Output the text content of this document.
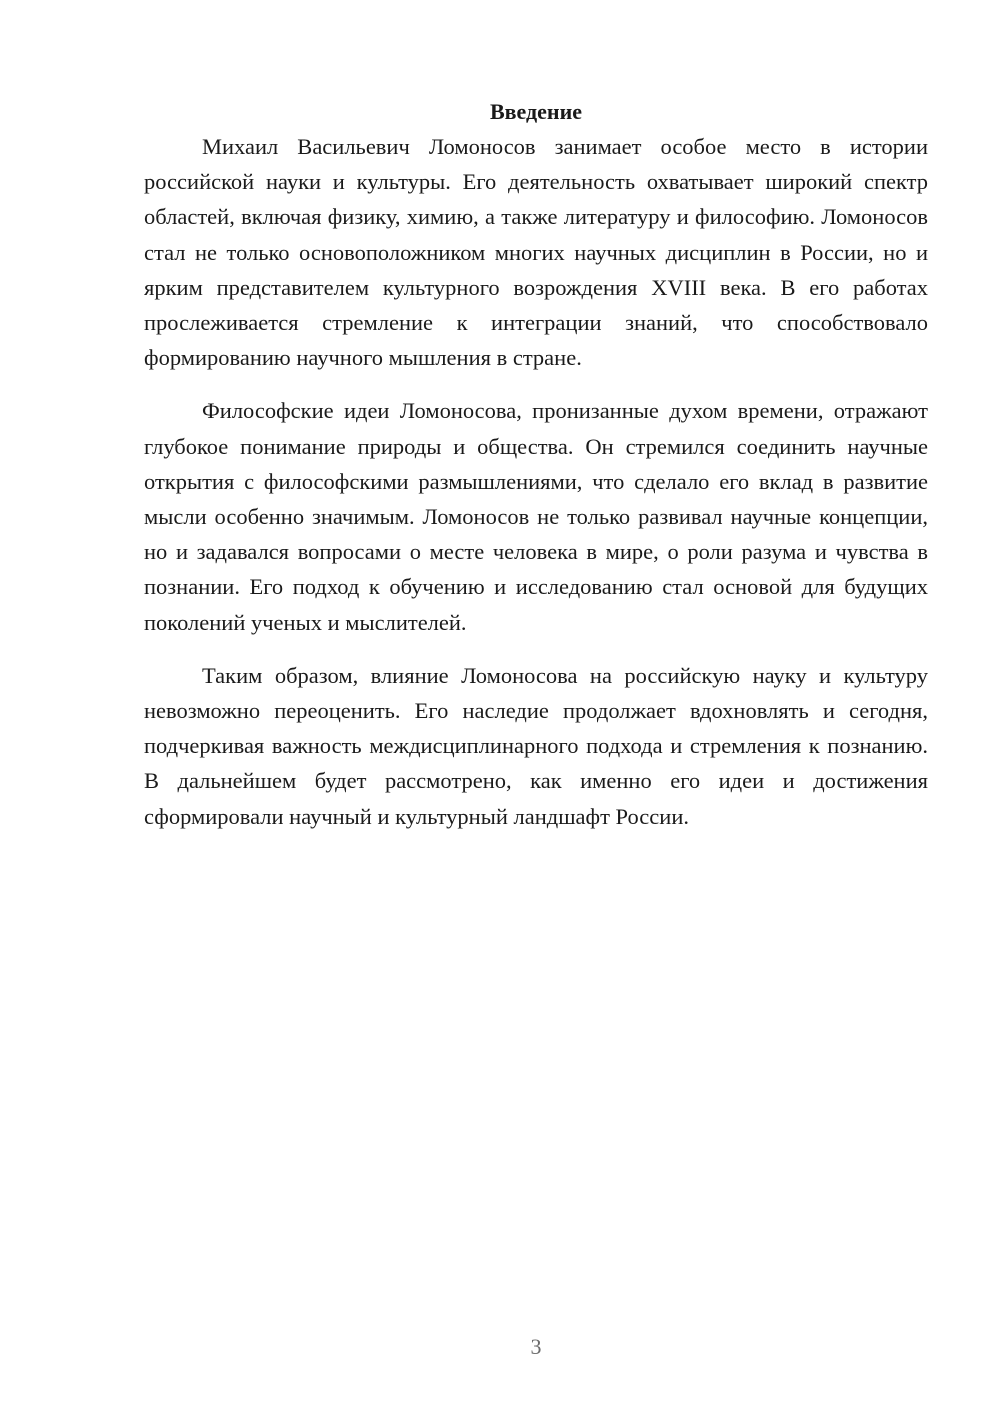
Введение

Михаил Васильевич Ломоносов занимает особое место в истории российской науки и культуры. Его деятельность охватывает широкий спектр областей, включая физику, химию, а также литературу и философию. Ломоносов стал не только основоположником многих научных дисциплин в России, но и ярким представителем культурного возрождения XVIII века. В его работах прослеживается стремление к интеграции знаний, что способствовало формированию научного мышления в стране.

Философские идеи Ломоносова, пронизанные духом времени, отражают глубокое понимание природы и общества. Он стремился соединить научные открытия с философскими размышлениями, что сделало его вклад в развитие мысли особенно значимым. Ломоносов не только развивал научные концепции, но и задавался вопросами о месте человека в мире, о роли разума и чувства в познании. Его подход к обучению и исследованию стал основой для будущих поколений ученых и мыслителей.

Таким образом, влияние Ломоносова на российскую науку и культуру невозможно переоценить. Его наследие продолжает вдохновлять и сегодня, подчеркивая важность междисциплинарного подхода и стремления к познанию. В дальнейшем будет рассмотрено, как именно его идеи и достижения сформировали научный и культурный ландшафт России.

3
